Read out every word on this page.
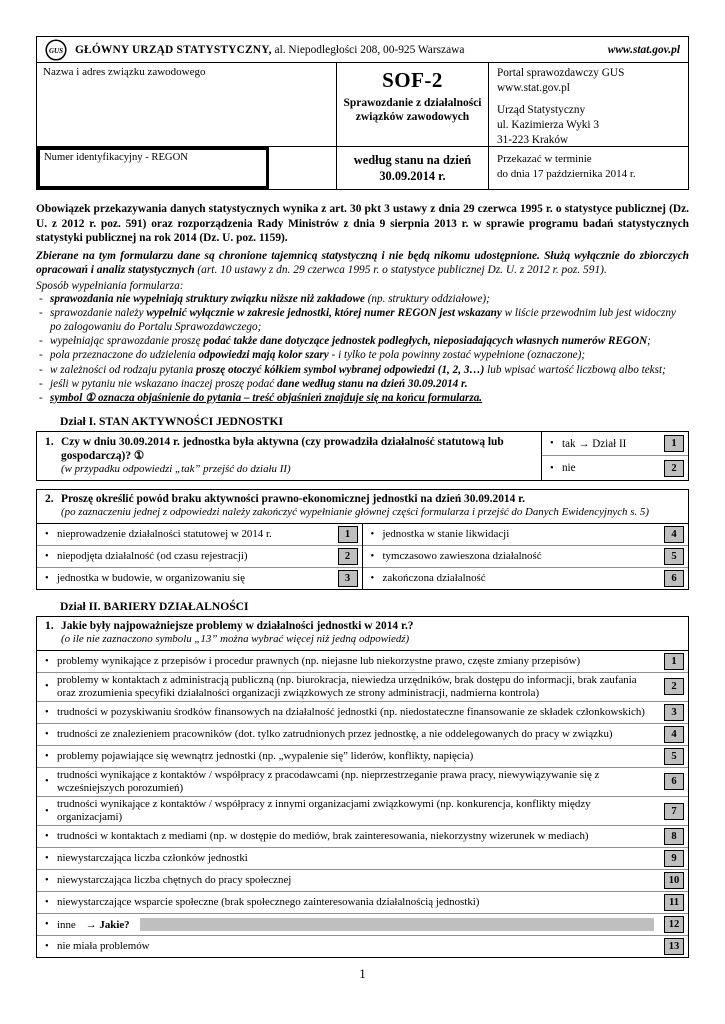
GUS GŁÓWNY URZĄD STATYSTYCZNY, al. Niepodległości 208, 00-925 Warszawa	www.stat.gov.pl
Nazwa i adres związku zawodowego	SOF-2
Sprawozdanie z działalności
związków zawodowych
Portal sprawozdawczy GUS
www.stat.gov.pl
Urząd Statystyczny
ul. Kazimierza Wyki 3
31-223 Kraków
Numer identyfikacyjny - REGON	według stanu na dzień
30.09.2014 r.
Przekazać w terminie
do dnia 17 października 2014 r.

Obowiązek przekazywania danych statystycznych wynika z art. 30 pkt 3 ustawy z dnia 29 czerwca 1995 r. o statystyce publicznej (Dz. U. z 2012 r. poz. 591) oraz rozporządzenia Rady Ministrów z dnia 9 sierpnia 2013 r. w sprawie programu badań statystycznych statystyki publicznej na rok 2014 (Dz. U. poz. 1159).

Zbierane na tym formularzu dane są chronione tajemnicą statystyczną i nie będą nikomu udostępnione. Służą wyłącznie do zbiorczych opracowań i analiz statystycznych (art. 10 ustawy z dn. 29 czerwca 1995 r. o statystyce publicznej Dz. U. z 2012 r. poz. 591).

Sposób wypełniania formularza:
- sprawozdania nie wypełniają struktury związku niższe niż zakładowe (np. struktury oddziałowe);
- sprawozdanie należy wypełnić wyłącznie w zakresie jednostki, której numer REGON jest wskazany w liście przewodnim lub jest widoczny po zalogowaniu do Portalu Sprawozdawczego;
- wypełniając sprawozdanie proszę podać także dane dotyczące jednostek podległych, nieposiadających własnych numerów REGON;
- pola przeznaczone do udzielenia odpowiedzi mają kolor szary - i tylko te pola powinny zostać wypełnione (oznaczone);
- w zależności od rodzaju pytania proszę otoczyć kółkiem symbol wybranej odpowiedzi (1, 2, 3…) lub wpisać wartość liczbową albo tekst;
- jeśli w pytaniu nie wskazano inaczej proszę podać dane według stanu na dzień 30.09.2014 r.
- symbol ① oznacza objaśnienie do pytania – treść objaśnień znajduje się na końcu formularza.
Dział I. STAN AKTYWNOŚCI JEDNOSTKI
1. Czy w dniu 30.09.2014 r. jednostka była aktywna (czy prowadziła działalność statutową lub gospodarczą)? ①
(w przypadku odpowiedzi „tak” przejść do działu II)
• tak → Dział II	1
• nie	2
2. Proszę określić powód braku aktywności prawno-ekonomicznej jednostki na dzień 30.09.2014 r.
(po zaznaczeniu jednej z odpowiedzi należy zakończyć wypełnianie głównej części formularza i przejść do Danych Ewidencyjnych s. 5)
• nieprowadzenie działalności statutowej w 2014 r.	1
• niepodjęta działalność (od czasu rejestracji)	2
• jednostka w budowie, w organizowaniu się	3
• jednostka w stanie likwidacji	4
• tymczasowo zawieszona działalność	5
• zakończona działalność	6
Dział II. BARIERY DZIAŁALNOŚCI
1. Jakie były najpoważniejsze problemy w działalności jednostki w 2014 r.?
(o ile nie zaznaczono symbolu „13” można wybrać więcej niż jedną odpowiedź)
• problemy wynikające z przepisów i procedur prawnych (np. niejasne lub niekorzystne prawo, częste zmiany przepisów)	1
•
problemy w kontaktach z administracją publiczną (np. biurokracja, niewiedza urzędników, brak dostępu do informacji, brak zaufania oraz zrozumienia specyfiki działalności organizacji związkowych ze strony administracji, nadmierna kontrola)	2
• trudności w pozyskiwaniu środków finansowych na działalność jednostki (np. niedostateczne finansowanie ze składek członkowskich)	3
• trudności ze znalezieniem pracowników (dot. tylko zatrudnionych przez jednostkę, a nie oddelegowanych do pracy w związku)	4
• problemy pojawiające się wewnątrz jednostki (np. „wypalenie się” liderów, konflikty, napięcia)	5
•
trudności wynikające z kontaktów / współpracy z pracodawcami (np. nieprzestrzeganie prawa pracy, niewywiązywanie się z wcześniejszych porozumień)	6
•
trudności wynikające z kontaktów / współpracy z innymi organizacjami związkowymi (np. konkurencja, konflikty między organizacjami)	7
• trudności w kontaktach z mediami (np. w dostępie do mediów, brak zainteresowania, niekorzystny wizerunek w mediach)	8
• niewystarczająca liczba członków jednostki	9
• niewystarczająca liczba chętnych do pracy społecznej	10
• niewystarczające wsparcie społeczne (brak społecznego zainteresowania działalnością jednostki)	11
• inne → Jakie?	12
• nie miała problemów	13
1
